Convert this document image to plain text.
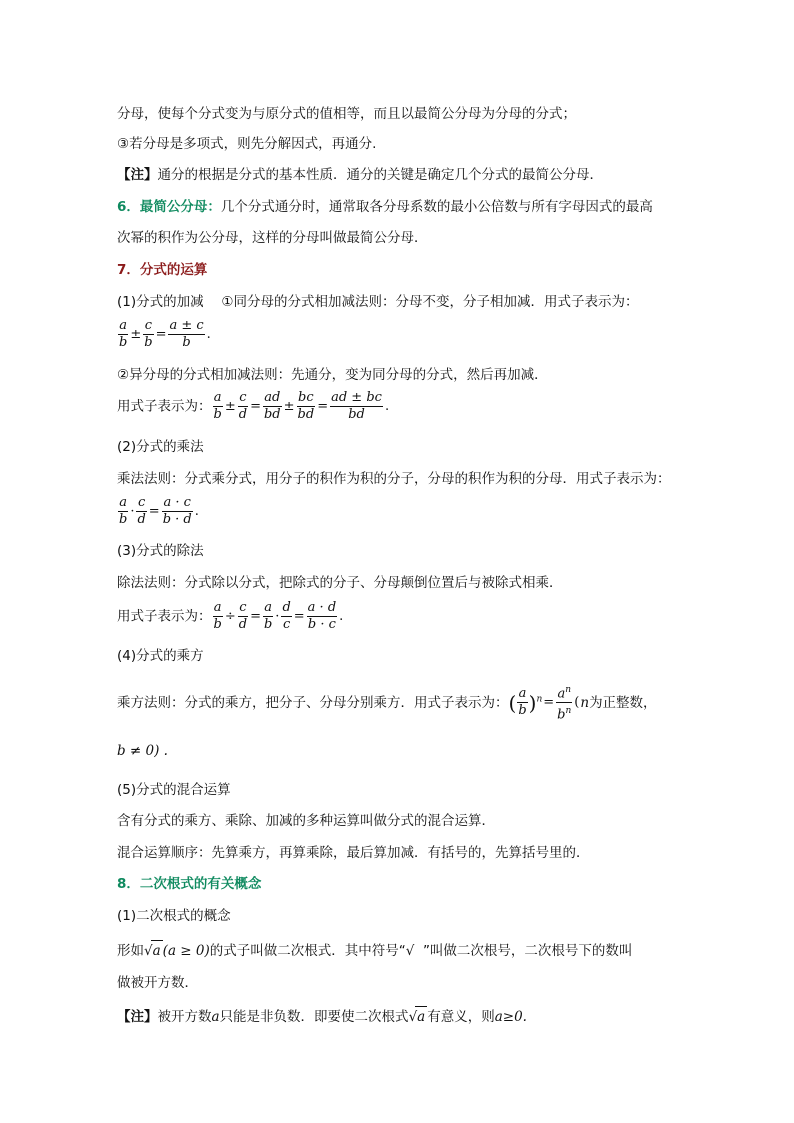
分母，使每个分式变为与原分式的值相等，而且以最简公分母为分母的分式；
③若分母是多项式，则先分解因式，再通分.
【注】通分的根据是分式的基本性质．通分的关键是确定几个分式的最简公分母．
6．最简公分母：几个分式通分时，通常取各分母系数的最小公倍数与所有字母因式的最高
次幂的积作为公分母，这样的分母叫做最简公分母．
7．分式的运算
(1)分式的加减　 ①同分母的分式相加减法则：分母不变，分子相加减．用式子表示为：
$\frac{a}{b} \pm \frac{c}{b} = \frac{a \pm c}{b}$ .
②异分母的分式相加减法则：先通分，变为同分母的分式，然后再加减．
用式子表示为： $\frac{a}{b} \pm \frac{c}{d} = \frac{ad}{bd} \pm \frac{bc}{bd} = \frac{ad \pm bc}{bd}$ .
(2)分式的乘法
乘法法则：分式乘分式，用分子的积作为积的分子，分母的积作为积的分母．用式子表示为：
$\frac{a}{b} \cdot \frac{c}{d} = \frac{a \cdot c}{b \cdot d}$ .
(3)分式的除法
除法法则：分式除以分式，把除式的分子、分母颠倒位置后与被除式相乘．
用式子表示为： $\frac{a}{b} \div \frac{c}{d} = \frac{a}{b} \cdot \frac{d}{c} = \frac{a \cdot d}{b \cdot c}$ .
(4)分式的乘方
乘方法则：分式的乘方，把分子、分母分别乘方．用式子表示为：( $\frac{a}{b} )^n= \frac{a^n}{b^n} (n$为正整数，
b ≠ 0) .
(5)分式的混合运算
含有分式的乘方、乘除、加减的多种运算叫做分式的混合运算．
混合运算顺序：先算乘方，再算乘除，最后算加减．有括号的，先算括号里的．
8．二次根式的有关概念
(1)二次根式的概念
形如√a (a ≥ 0)的式子叫做二次根式．其中符号“√  ”叫做二次根号，二次根号下的数叫
做被开方数．
【注】被开方数a只能是非负数．即要使二次根式√a 有意义，则a≥0.
